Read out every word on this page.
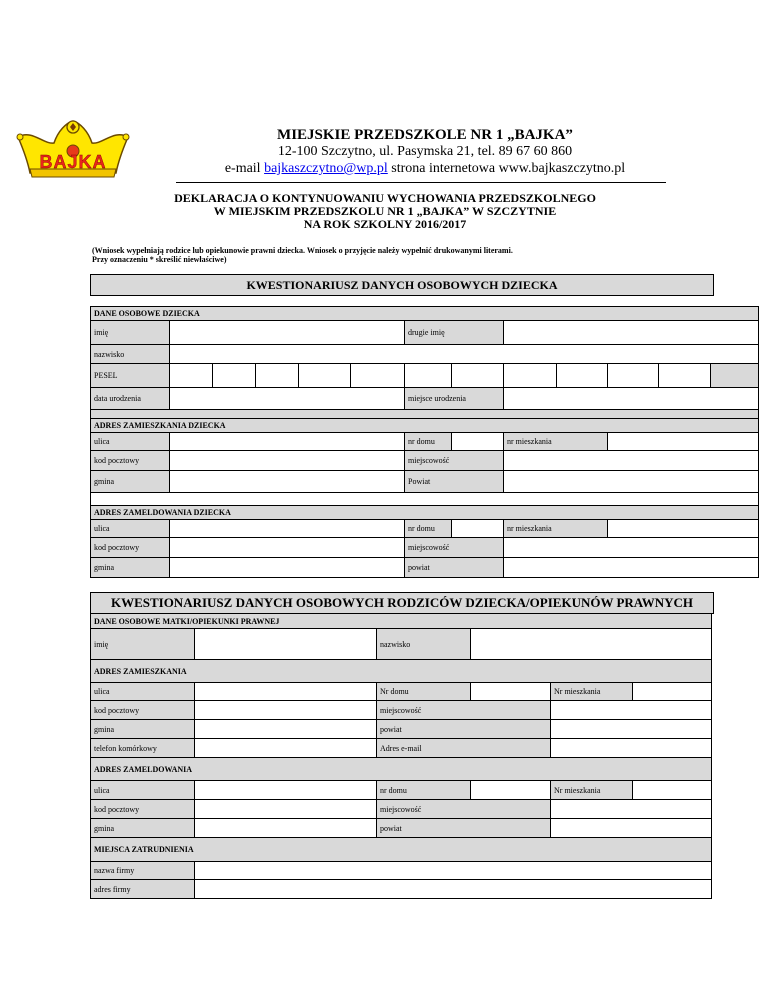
BAJKA
MIEJSKIE PRZEDSZKOLE NR 1 „BAJKA”
12-100 Szczytno, ul. Pasymska 21, tel. 89 67 60 860
e-mail bajkaszczytno@wp.pl strona internetowa www.bajkaszczytno.pl
DEKLARACJA O KONTYNUOWANIU WYCHOWANIA PRZEDSZKOLNEGO
W MIEJSKIM PRZEDSZKOLU NR 1 „BAJKA” W SZCZYTNIE
NA ROK SZKOLNY 2016/2017
(Wniosek wypełniają rodzice lub opiekunowie prawni dziecka. Wniosek o przyjęcie należy wypełnić drukowanymi literami.
Przy oznaczeniu * skreślić niewłaściwe)
KWESTIONARIUSZ DANYCH OSOBOWYCH DZIECKA
DANE OSOBOWE DZIECKA												
imię						drugie imię						
nazwisko												
PESEL												
data urodzenia						miejsce urodzenia						

ADRES ZAMIESZKANIA DZIECKA												
ulica						nr domu		nr mieszkania				
kod pocztowy						miejscowość						
gmina						Powiat						

ADRES ZAMELDOWANIA DZIECKA												
ulica						nr domu		nr mieszkania				
kod pocztowy						miejscowość						
gmina						powiat						
KWESTIONARIUSZ DANYCH OSOBOWYCH RODZICÓW DZIECKA/OPIEKUNÓW PRAWNYCH
DANE OSOBOWE MATKI/OPIEKUNKI PRAWNEJ					
imię		nazwisko			
ADRES ZAMIESZKANIA					
ulica		Nr domu		Nr mieszkania	
kod pocztowy		miejscowość			
gmina		powiat			
telefon komórkowy		Adres e-mail			
ADRES ZAMELDOWANIA					
ulica		nr domu		Nr mieszkania	
kod pocztowy		miejscowość			
gmina		powiat			
MIEJSCA ZATRUDNIENIA					
nazwa firmy					
adres firmy					
